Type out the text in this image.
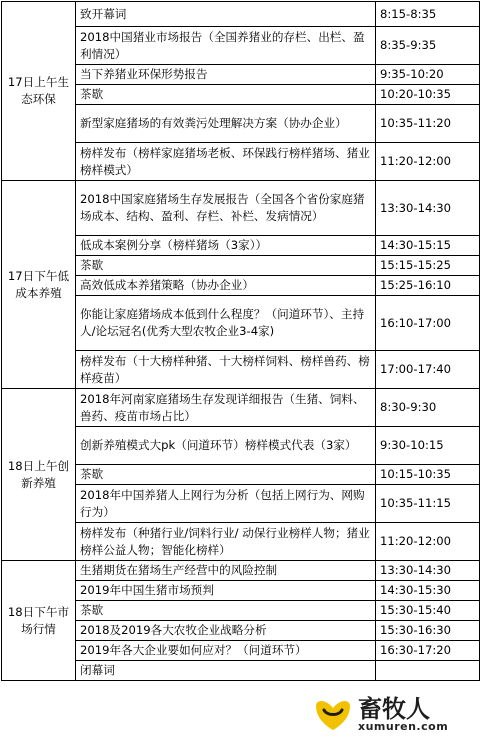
17日上午生态环保	致开幕词	8:15-8:35
	2018中国猪业市场报告（全国养猪业的存栏、出栏、盈利情况）	8:35-9:35
	当下养猪业环保形势报告	9:35-10:20
	茶歇	10:20-10:35
	新型家庭猪场的有效粪污处理解决方案（协办企业）	10:35-11:20
	榜样发布（榜样家庭猪场老板、环保践行榜样猪场、猪业榜样模式）	11:20-12:00
17日下午低成本养殖	2018中国家庭猪场生存发展报告（全国各个省份家庭猪场成本、结构、盈利、存栏、补栏、发病情况）	13:30-14:30
	低成本案例分享（榜样猪场（3家））	14:30-15:15
	茶歇	15:15-15:25
	高效低成本养猪策略（协办企业）	15:25-16:10
	你能让家庭猪场成本低到什么程度？（问道环节）、主持人/论坛冠名(优秀大型农牧企业3-4家)	16:10-17:00
	榜样发布（十大榜样种猪、十大榜样饲料、榜样兽药、榜样疫苗）	17:00-17:40
18日上午创新养殖	2018年河南家庭猪场生存发现详细报告（生猪、饲料、兽药、疫苗市场占比）	8:30-9:30
	创新养殖模式大pk（问道环节）榜样模式代表（3家）	9:30-10:15
	茶歇	10:15-10:35
	2018年中国养猪人上网行为分析（包括上网行为、网购行为）	10:35-11:15
	榜样发布（种猪行业/饲料行业/ 动保行业榜样人物；猪业榜样公益人物；智能化榜样）	11:20-12:00
18日下午市场行情	生猪期货在猪场生产经营中的风险控制	13:30-14:30
	2019年中国生猪市场预判	14:30-15:30
	茶歇	15:30-15:40
	2018及2019各大农牧企业战略分析	15:30-16:30
	2019年各大企业要如何应对？（问道环节）	16:30-17:20
	闭幕词	
畜牧人
xumuren.com
